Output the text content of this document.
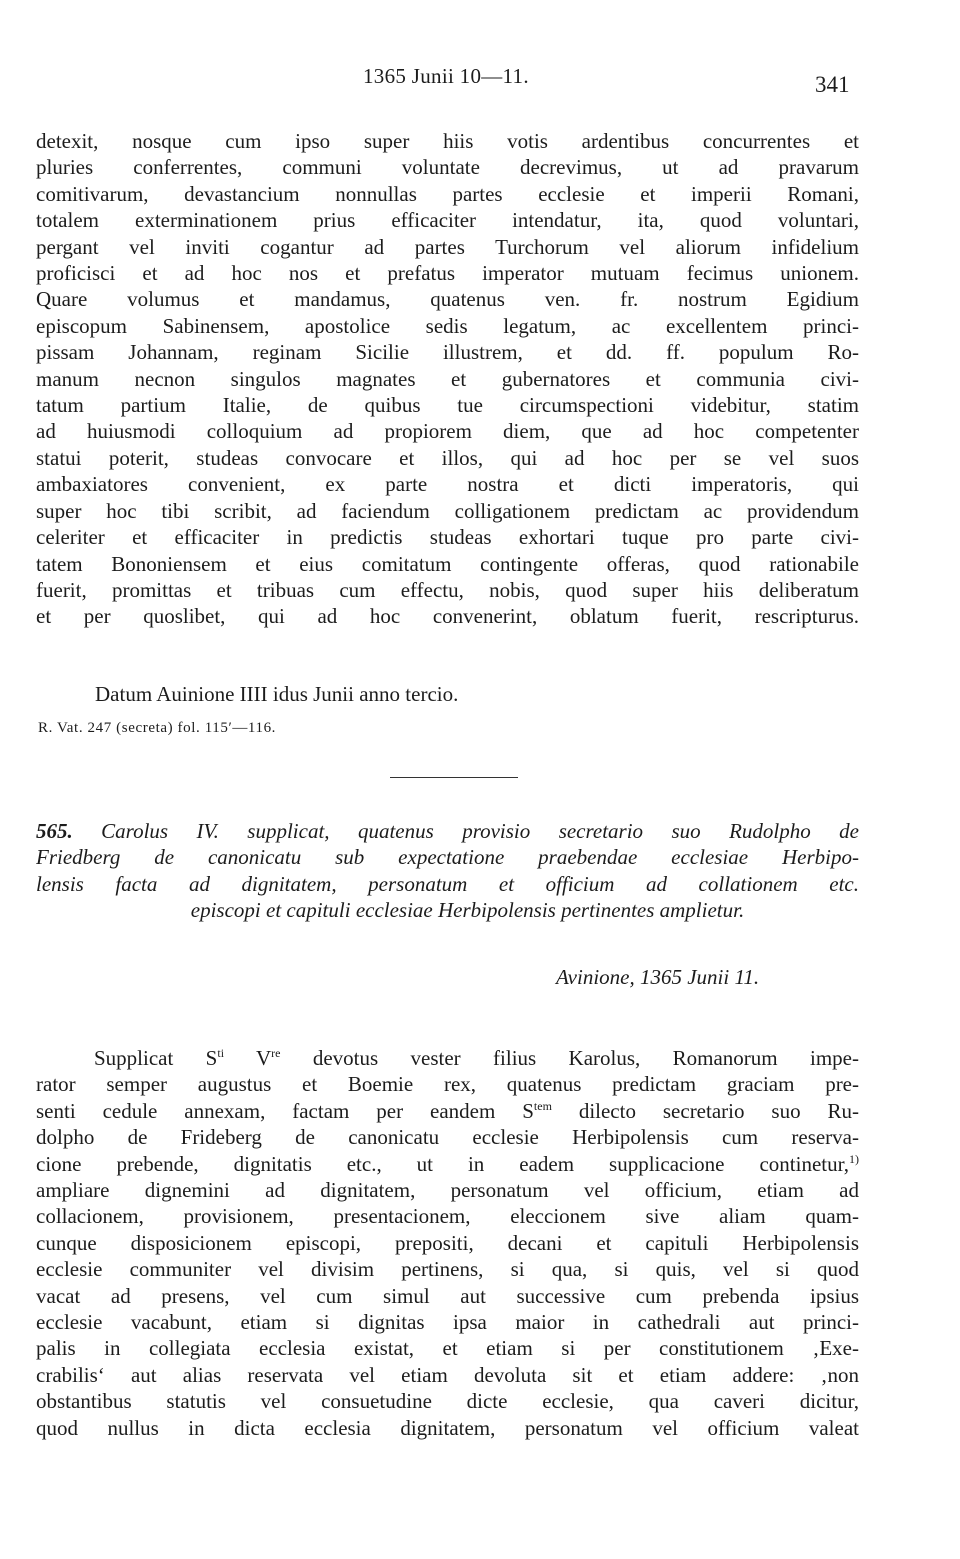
1365 Junii 10—11.	341
detexit, nosque cum ipso super hiis votis ardentibus concurrentes et
pluries conferrentes, communi voluntate decrevimus, ut ad pravarum
comitivarum, devastancium nonnullas partes ecclesie et imperii Romani,
totalem exterminationem prius efficaciter intendatur, ita, quod voluntari,
pergant vel inviti cogantur ad partes Turchorum vel aliorum infidelium
proficisci et ad hoc nos et prefatus imperator mutuam fecimus unionem.
Quare volumus et mandamus, quatenus ven. fr. nostrum Egidium
episcopum Sabinensem, apostolice sedis legatum, ac excellentem princi-
pissam Johannam, reginam Sicilie illustrem, et dd. ff. populum Ro-
manum necnon singulos magnates et gubernatores et communia civi-
tatum partium Italie, de quibus tue circumspectioni videbitur, statim
ad huiusmodi colloquium ad propiorem diem, que ad hoc competenter
statui poterit, studeas convocare et illos, qui ad hoc per se vel suos
ambaxiatores convenient, ex parte nostra et dicti imperatoris, qui
super hoc tibi scribit, ad faciendum colligationem predictam ac providendum
celeriter et efficaciter in predictis studeas exhortari tuque pro parte civi-
tatem Bononiensem et eius comitatum contingente offeras, quod rationabile
fuerit, promittas et tribuas cum effectu, nobis, quod super hiis deliberatum
et per quoslibet, qui ad hoc convenerint, oblatum fuerit, rescripturus.

Datum Auinione IIII idus Junii anno tercio.

R. Vat. 247 (secreta) fol. 115′—116.

565. Carolus IV. supplicat, quatenus provisio secretario suo Rudolpho de
Friedberg de canonicatu sub expectatione praebendae ecclesiae Herbipo-
lensis facta ad dignitatem, personatum et officium ad collationem etc.
episcopi et capituli ecclesiae Herbipolensis pertinentes amplietur.

Avinione, 1365 Junii 11.

Supplicat $S^{ti}$ Vre devotus vester filius Karolus, Romanorum impe-
rator semper augustus et Boemie rex, quatenus predictam graciam pre-
senti cedule annexam, factam per eandem $S^{tem}$ dilecto secretario suo Ru-
dolpho de Frideberg de canonicatu ecclesie Herbipolensis cum reserva-
cione prebende, dignitatis etc., ut in eadem supplicacione continetur,$^{1)}$
ampliare dignemini ad dignitatem, personatum vel officium, etiam ad
collacionem, provisionem, presentacionem, eleccionem sive aliam quam-
cunque disposicionem episcopi, prepositi, decani et capituli Herbipolensis
ecclesie communiter vel divisim pertinens, si qua, si quis, vel si quod
vacat ad presens, vel cum simul aut successive cum prebenda ipsius
ecclesie vacabunt, etiam si dignitas ipsa maior in cathedrali aut princi-
palis in collegiata ecclesia existat, et etiam si per constitutionem ‚Exe-
crabilis‘ aut alias reservata vel etiam devoluta sit et etiam addere: ‚non
obstantibus statutis vel consuetudine dicte ecclesie, qua caveri dicitur,
quod nullus in dicta ecclesia dignitatem, personatum vel officium valeat
